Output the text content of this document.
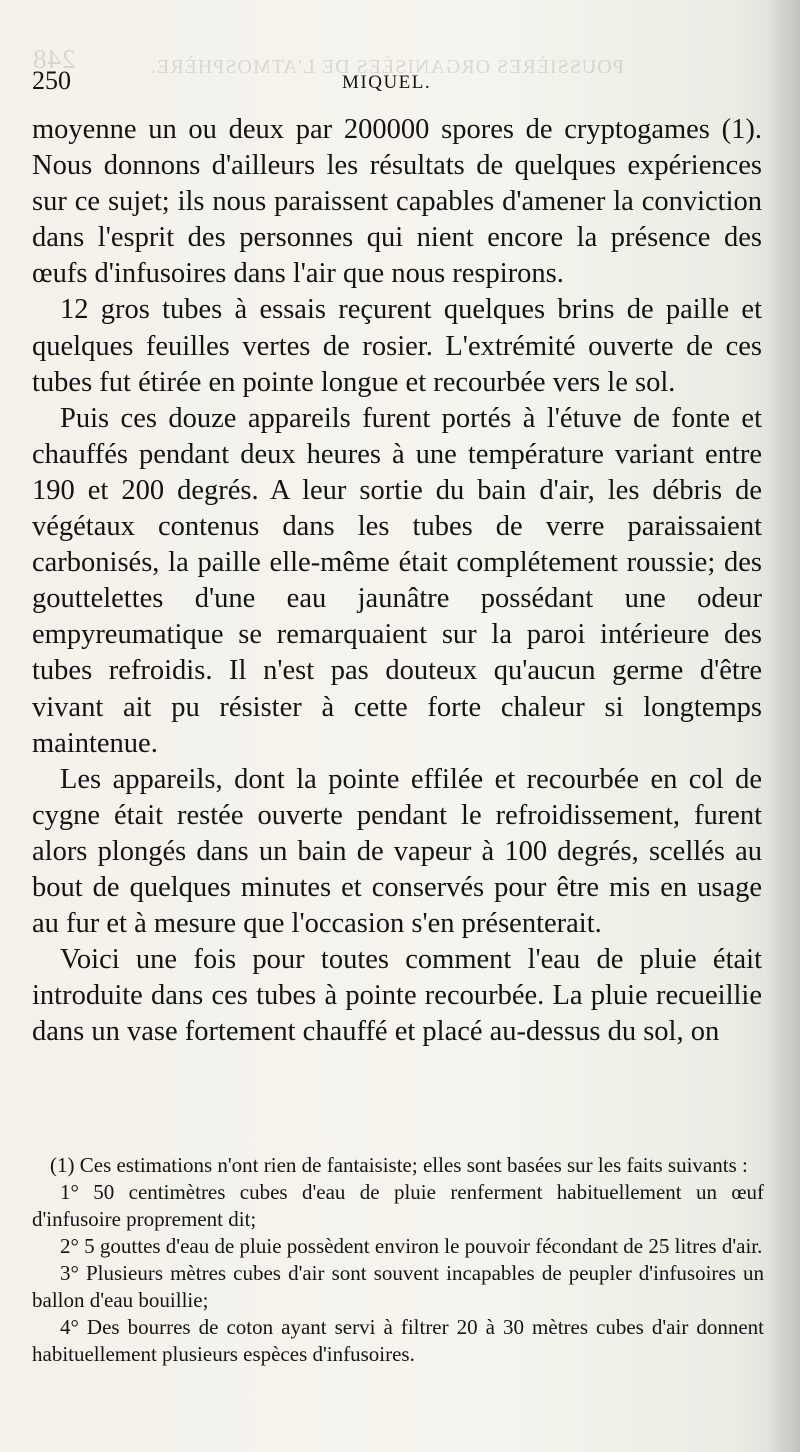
248	POUSSIÈRES ORGANISÉES DE L'ATMOSPHÈRE.
250	MIQUEL.

moyenne un ou deux par 200000 spores de cryptogames (1). Nous donnons d'ailleurs les résultats de quelques expériences sur ce sujet; ils nous paraissent capables d'amener la conviction dans l'esprit des personnes qui nient encore la présence des œufs d'infusoires dans l'air que nous respirons.

12 gros tubes à essais reçurent quelques brins de paille et quelques feuilles vertes de rosier. L'extrémité ouverte de ces tubes fut étirée en pointe longue et recourbée vers le sol.

Puis ces douze appareils furent portés à l'étuve de fonte et chauffés pendant deux heures à une température variant entre 190 et 200 degrés. A leur sortie du bain d'air, les débris de végétaux contenus dans les tubes de verre paraissaient carbonisés, la paille elle-même était complétement roussie; des gouttelettes d'une eau jaunâtre possédant une odeur empyreumatique se remarquaient sur la paroi intérieure des tubes refroidis. Il n'est pas douteux qu'aucun germe d'être vivant ait pu résister à cette forte chaleur si longtemps maintenue.

Les appareils, dont la pointe effilée et recourbée en col de cygne était restée ouverte pendant le refroidissement, furent alors plongés dans un bain de vapeur à 100 degrés, scellés au bout de quelques minutes et conservés pour être mis en usage au fur et à mesure que l'occasion s'en présenterait.

Voici une fois pour toutes comment l'eau de pluie était introduite dans ces tubes à pointe recourbée. La pluie recueillie dans un vase fortement chauffé et placé au-dessus du sol, on

(1) Ces estimations n'ont rien de fantaisiste; elles sont basées sur les faits suivants :

1° 50 centimètres cubes d'eau de pluie renferment habituellement un œuf d'infusoire proprement dit;

2° 5 gouttes d'eau de pluie possèdent environ le pouvoir fécondant de 25 litres d'air.

3° Plusieurs mètres cubes d'air sont souvent incapables de peupler d'infusoires un ballon d'eau bouillie;

4° Des bourres de coton ayant servi à filtrer 20 à 30 mètres cubes d'air donnent habituellement plusieurs espèces d'infusoires.
